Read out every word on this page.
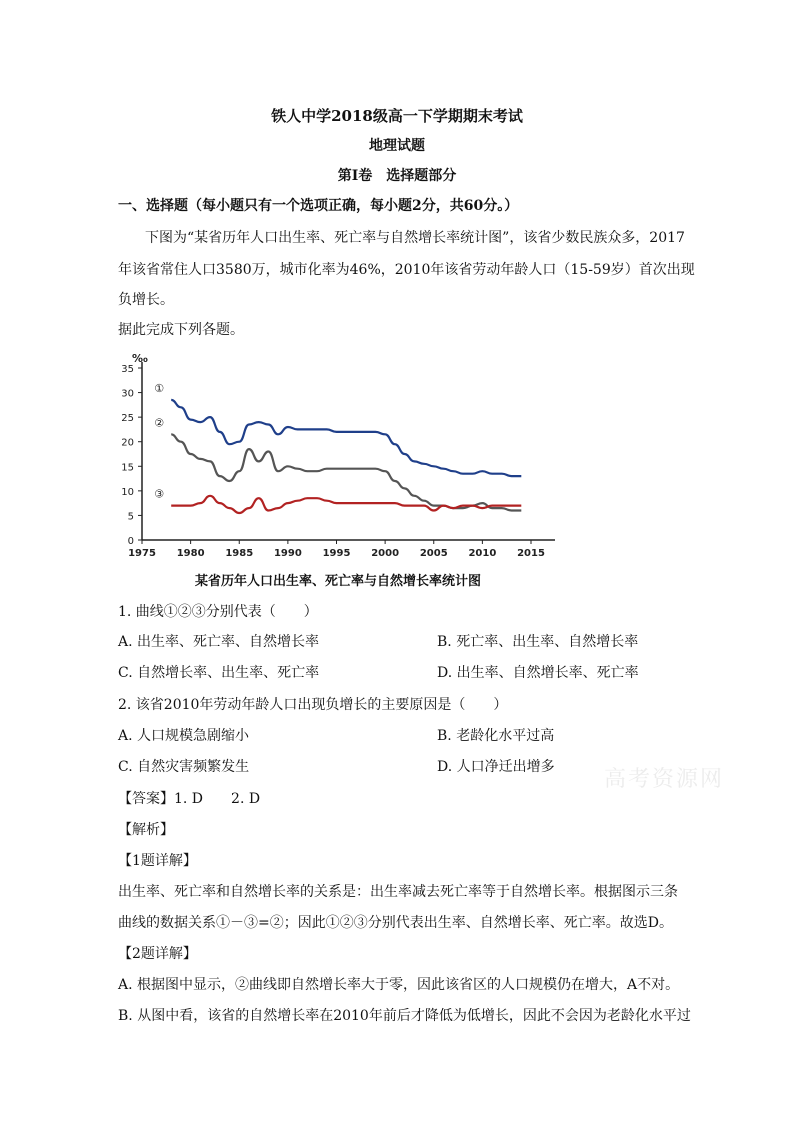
铁人中学2018级高一下学期期末考试
地理试题
第Ⅰ卷　选择题部分
一、选择题（每小题只有一个选项正确，每小题2分，共60分。）
下图为“某省历年人口出生率、死亡率与自然增长率统计图”，该省少数民族众多，2017
年该省常住人口3580万，城市化率为46%，2010年该省劳动年龄人口（15-59岁）首次出现
负增长。
据此完成下列各题。
‰
0
5
10
15
20
25
30
35
1975 1980 1985 1990 1995 2000 2005 2010 2015
①
②
③
某省历年人口出生率、死亡率与自然增长率统计图
1. 曲线①②③分别代表（　　）
A. 出生率、死亡率、自然增长率	B. 死亡率、出生率、自然增长率
C. 自然增长率、出生率、死亡率	D. 出生率、自然增长率、死亡率
2. 该省2010年劳动年龄人口出现负增长的主要原因是（　　）
A. 人口规模急剧缩小	B. 老龄化水平过高
C. 自然灾害频繁发生	D. 人口净迁出增多 高考资源网
【答案】1. D　　2. D
【解析】
【1题详解】
出生率、死亡率和自然增长率的关系是：出生率减去死亡率等于自然增长率。根据图示三条
曲线的数据关系①－③=②；因此①②③分别代表出生率、自然增长率、死亡率。故选D。
【2题详解】
A. 根据图中显示，②曲线即自然增长率大于零，因此该省区的人口规模仍在增大，A不对。
B. 从图中看，该省的自然增长率在2010年前后才降低为低增长，因此不会因为老龄化水平过
